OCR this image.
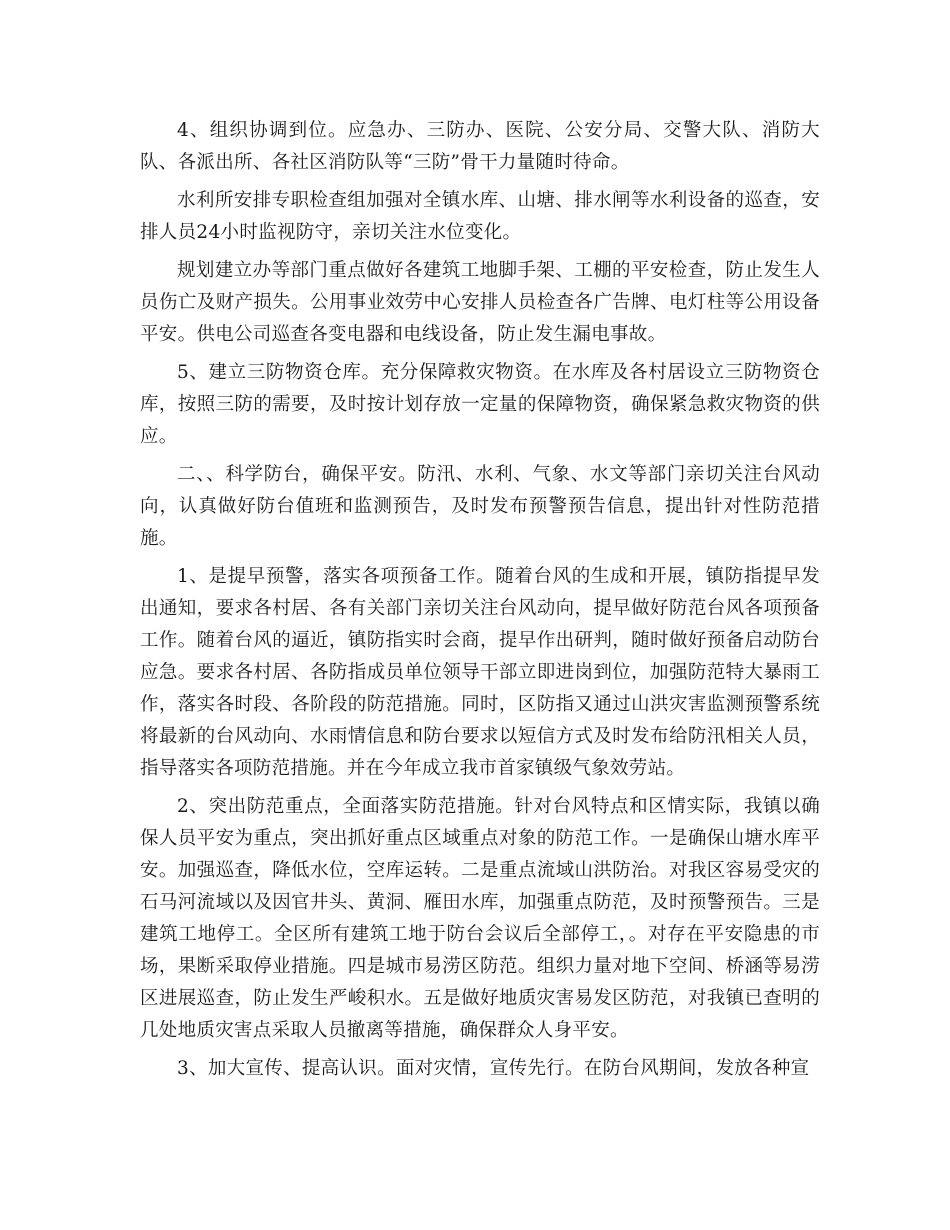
4、组织协调到位。应急办、三防办、医院、公安分局、交警大队、消防大队、各派出所、各社区消防队等“三防”骨干力量随时待命。

水利所安排专职检查组加强对全镇水库、山塘、排水闸等水利设备的巡查，安排人员24小时监视防守，亲切关注水位变化。

规划建立办等部门重点做好各建筑工地脚手架、工棚的平安检查，防止发生人员伤亡及财产损失。公用事业效劳中心安排人员检查各广告牌、电灯柱等公用设备平安。供电公司巡查各变电器和电线设备，防止发生漏电事故。

5、建立三防物资仓库。充分保障救灾物资。在水库及各村居设立三防物资仓库，按照三防的需要，及时按计划存放一定量的保障物资，确保紧急救灾物资的供应。

二、、科学防台，确保平安。防汛、水利、气象、水文等部门亲切关注台风动向，认真做好防台值班和监测预告，及时发布预警预告信息，提出针对性防范措施。

1、是提早预警，落实各项预备工作。随着台风的生成和开展，镇防指提早发出通知，要求各村居、各有关部门亲切关注台风动向，提早做好防范台风各项预备工作。随着台风的逼近，镇防指实时会商，提早作出研判，随时做好预备启动防台应急。要求各村居、各防指成员单位领导干部立即进岗到位，加强防范特大暴雨工作，落实各时段、各阶段的防范措施。同时，区防指又通过山洪灾害监测预警系统将最新的台风动向、水雨情信息和防台要求以短信方式及时发布给防汛相关人员，指导落实各项防范措施。并在今年成立我市首家镇级气象效劳站。

2、突出防范重点，全面落实防范措施。针对台风特点和区情实际，我镇以确保人员平安为重点，突出抓好重点区域重点对象的防范工作。一是确保山塘水库平安。加强巡查，降低水位，空库运转。二是重点流域山洪防治。对我区容易受灾的石马河流域以及因官井头、黄洞、雁田水库，加强重点防范，及时预警预告。三是建筑工地停工。全区所有建筑工地于防台会议后全部停工，。对存在平安隐患的市场，果断采取停业措施。四是城市易涝区防范。组织力量对地下空间、桥涵等易涝区进展巡查，防止发生严峻积水。五是做好地质灾害易发区防范，对我镇已查明的几处地质灾害点采取人员撤离等措施，确保群众人身平安。

3、加大宣传、提高认识。面对灾情，宣传先行。在防台风期间，发放各种宣
